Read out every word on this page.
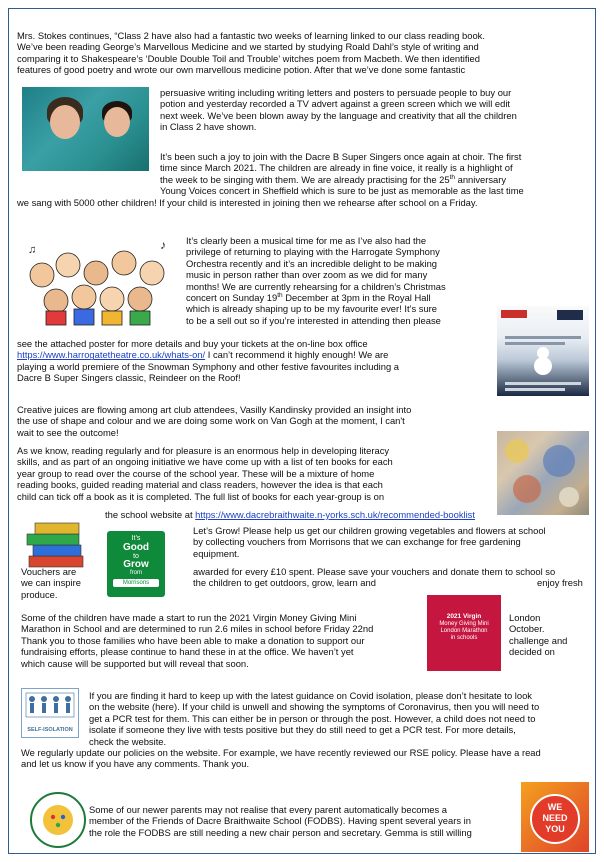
Mrs. Stokes continues, “Class 2 have also had a fantastic two weeks of learning linked to our class reading book.

We’ve been reading George’s Marvellous Medicine and we started by studying Roald Dahl’s style of writing and

comparing it to Shakespeare’s ‘Double Double Toil and Trouble’ witches poem from Macbeth. We then identified

features of good poetry and wrote our own marvellous medicine potion. After that we’ve done some fantastic

persuasive writing including writing letters and posters to persuade people to buy our

potion and yesterday recorded a TV advert against a green screen which we will edit

next week. We’ve been blown away by the language and creativity that all the children

in Class 2 have shown.

It’s been such a joy to join with the Dacre B Super Singers once again at choir. The first

time since March 2021. The children are already in fine voice, it really is a highlight of

the week to be singing with them. We are already practising for the 25th anniversary

Young Voices concert in Sheffield which is sure to be just as memorable as the last time

we sang with 5000 other children! If your child is interested in joining then we rehearse after school on a Friday.

♪
♫

It’s clearly been a musical time for me as I’ve also had the

privilege of returning to playing with the Harrogate Symphony

Orchestra recently and it’s an incredible delight to be making

music in person rather than over zoom as we did for many

months! We are currently rehearsing for a children’s Christmas

concert on Sunday 19th December at 3pm in the Royal Hall

which is already shaping up to be my favourite ever! It’s sure

to be a sell out so if you’re interested in attending then please

see the attached poster for more details and buy your tickets at the on-line box office

https://www.harrogatetheatre.co.uk/whats-on/ I can’t recommend it highly enough! We are

playing a world premiere of the Snowman Symphony and other festive favourites including a

Dacre B Super Singers classic, Reindeer on the Roof!

Creative juices are flowing among art club attendees, Vasilly Kandinsky provided an insight into

the use of shape and colour and we are doing some work on Van Gogh at the moment, I can't

wait to see the outcome!

As we know, reading regularly and for pleasure is an enormous help in developing literacy

skills, and as part of an ongoing initiative we have come up with a list of ten books for each

year group to read over the course of the school year. These will be a mixture of home

reading books, guided reading material and class readers, however the idea is that each

child can tick off a book as it is completed. The full list of books for each year-group is on

the school website at https://www.dacrebraithwaite.n-yorks.sch.uk/recommended-booklist

It’s
Good
to
Grow
from
Morrisons

Let’s Grow! Please help us get our children growing vegetables and flowers at school

by collecting vouchers from Morrisons that we can exchange for free gardening

equipment.

Vouchers are

we can inspire

awarded for every £10 spent. Please save your vouchers and donate them to school so

the children to get outdoors, grow, learn and	enjoy fresh

produce.

Some of the children have made a start to run the 2021 Virgin Money Giving Mini

Marathon in School and are determined to run 2.6 miles in school before Friday 22nd

Thank you to those families who have been able to make a donation to support our

fundraising efforts, please continue to hand these in at the office. We haven’t yet

which cause will be supported but will reveal that soon.

2021 Virgin
Money Giving Mini
London Marathon
in schools

London

October.

challenge and

decided on

SELF-ISOLATION

If you are finding it hard to keep up with the latest guidance on Covid isolation, please don’t hesitate to look

on the website (here). If your child is unwell and showing the symptoms of Coronavirus, then you will need to

get a PCR test for them. This can either be in person or through the post. However, a child does not need to

isolate if someone they live with tests positive but they do still need to get a PCR test. For more details,

check the website.

We regularly update our policies on the website. For example, we have recently reviewed our RSE policy. Please have a read

and let us know if you have any comments. Thank you.

Some of our newer parents may not realise that every parent automatically becomes a

member of the Friends of Dacre Braithwaite School (FODBS). Having spent several years in

the role the FODBS are still needing a new chair person and secretary. Gemma is still willing

WE
NEED
YOU
